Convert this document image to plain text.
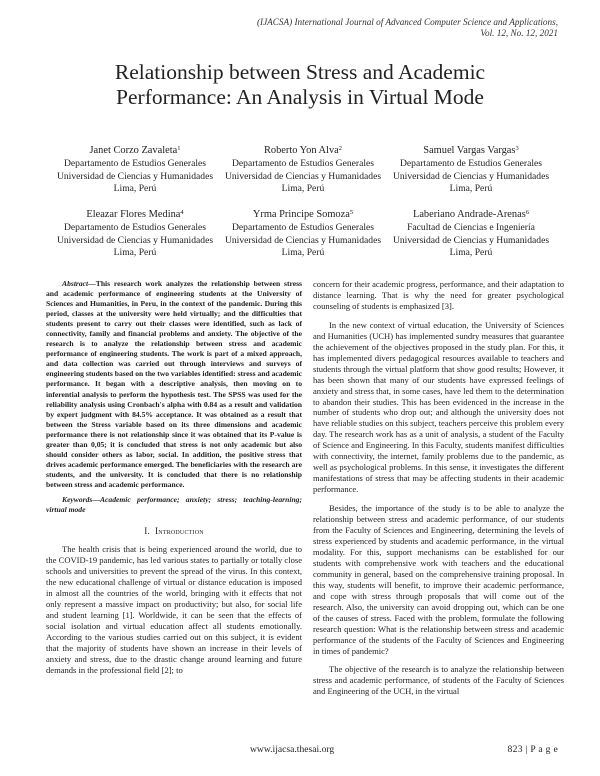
(IJACSA) International Journal of Advanced Computer Science and Applications,
Vol. 12, No. 12, 2021
Relationship between Stress and Academic
Performance: An Analysis in Virtual Mode
Janet Corzo Zavaleta$^1$
Departamento de Estudios Generales
Universidad de Ciencias y Humanidades
Lima, Perú
Roberto Yon Alva$^2$
Departamento de Estudios Generales
Universidad de Ciencias y Humanidades
Lima, Perú
Samuel Vargas Vargas$^3$
Departamento de Estudios Generales
Universidad de Ciencias y Humanidades
Lima, Perú
Eleazar Flores Medina$^4$
Departamento de Estudios Generales
Universidad de Ciencias y Humanidades
Lima, Perú
Yrma Principe Somoza$^5$
Departamento de Estudios Generales
Universidad de Ciencias y Humanidades
Lima, Perú
Laberiano Andrade-Arenas$^6$
Facultad de Ciencias e Ingeniería
Universidad de Ciencias y Humanidades
Lima, Perú

Abstract—This research work analyzes the relationship between stress and academic performance of engineering students at the University of Sciences and Humanities, in Peru, in the context of the pandemic. During this period, classes at the university were held virtually; and the difficulties that students present to carry out their classes were identified, such as lack of connectivity, family and financial problems and anxiety. The objective of the research is to analyze the relationship between stress and academic performance of engineering students. The work is part of a mixed approach, and data collection was carried out through interviews and surveys of engineering students based on the two variables identified: stress and academic performance. It began with a descriptive analysis, then moving on to inferential analysis to perform the hypothesis test. The SPSS was used for the reliability analysis using Cronbach's alpha with 0.84 as a result and validation by expert judgment with 84.5% acceptance. It was obtained as a result that between the Stress variable based on its three dimensions and academic performance there is not relationship since it was obtained that its P-value is greater than 0,05; it is concluded that stress is not only academic but also should consider others as labor, social. In addition, the positive stress that drives academic performance emerged. The beneficiaries with the research are students, and the university. It is concluded that there is no relationship between stress and academic performance.

Keywords—Academic performance; anxiety; stress; teaching-learning; virtual mode

I. Introduction

The health crisis that is being experienced around the world, due to the COVID-19 pandemic, has led various states to partially or totally close schools and universities to prevent the spread of the virus. In this context, the new educational challenge of virtual or distance education is imposed in almost all the countries of the world, bringing with it effects that not only represent a massive impact on productivity; but also, for social life and student learning [1]. Worldwide, it can be seen that the effects of social isolation and virtual education affect all students emotionally. According to the various studies carried out on this subject, it is evident that the majority of students have shown an increase in their levels of anxiety and stress, due to the drastic change around learning and future demands in the professional field [2]; to

concern for their academic progress, performance, and their adaptation to distance learning. That is why the need for greater psychological counseling of students is emphasized [3].

In the new context of virtual education, the University of Sciences and Humanities (UCH) has implemented sundry measures that guarantee the achievement of the objectives proposed in the study plan. For this, it has implemented divers pedagogical resources available to teachers and students through the virtual platform that show good results; However, it has been shown that many of our students have expressed feelings of anxiety and stress that, in some cases, have led them to the determination to abandon their studies. This has been evidenced in the increase in the number of students who drop out; and although the university does not have reliable studies on this subject, teachers perceive this problem every day. The research work has as a unit of analysis, a student of the Faculty of Science and Engineering. In this Faculty, students manifest difficulties with connectivity, the internet, family problems due to the pandemic, as well as psychological problems. In this sense, it investigates the different manifestations of stress that may be affecting students in their academic performance.

Besides, the importance of the study is to be able to analyze the relationship between stress and academic performance, of our students from the Faculty of Sciences and Engineering, determining the levels of stress experienced by students and academic performance, in the virtual modality. For this, support mechanisms can be established for our students with comprehensive work with teachers and the educational community in general, based on the comprehensive training proposal. In this way, students will benefit, to improve their academic performance, and cope with stress through proposals that will come out of the research. Also, the university can avoid dropping out, which can be one of the causes of stress. Faced with the problem, formulate the following research question: What is the relationship between stress and academic performance of the students of the Faculty of Sciences and Engineering in times of pandemic?

The objective of the research is to analyze the relationship between stress and academic performance, of students of the Faculty of Sciences and Engineering of the UCH, in the virtual

www.ijacsa.thesai.org	823 | P a g e
